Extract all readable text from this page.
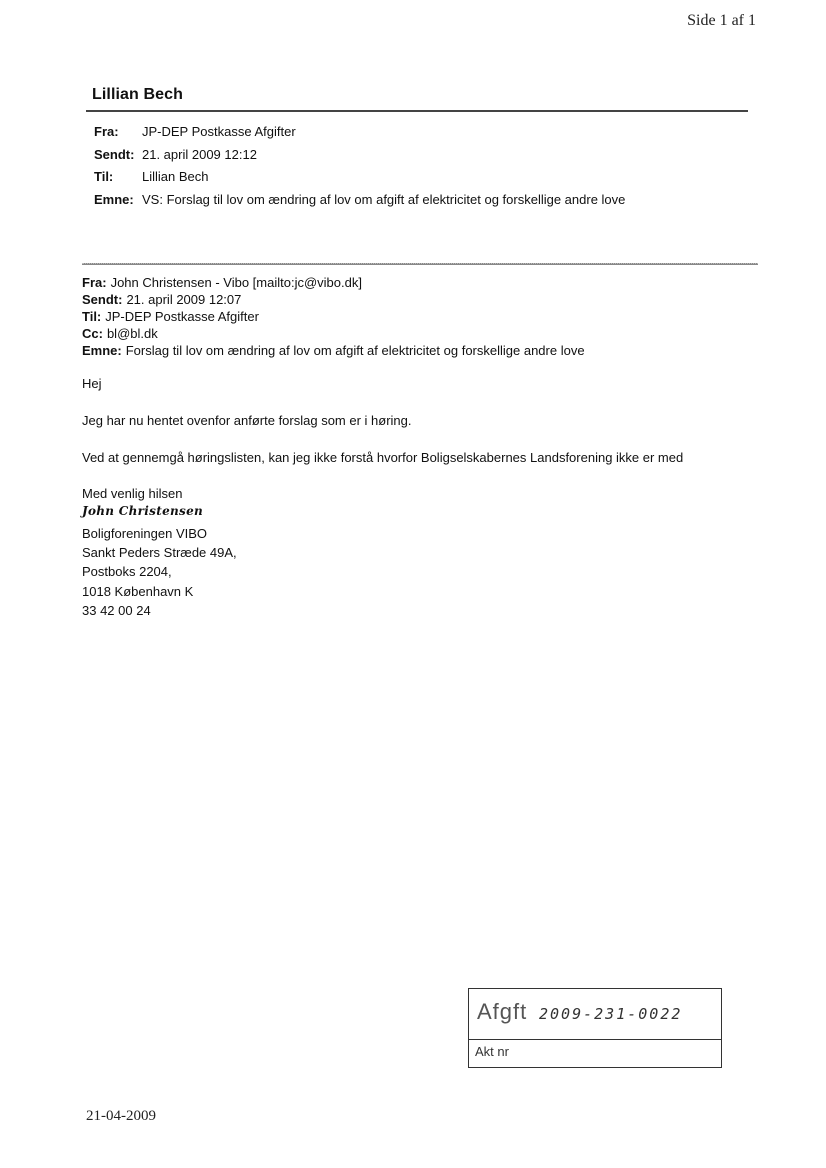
Side 1 af 1
Lillian Bech
Fra: JP-DEP Postkasse Afgifter
Sendt: 21. april 2009 12:12
Til: Lillian Bech
Emne: VS: Forslag til lov om ændring af lov om afgift af elektricitet og forskellige andre love
Fra: John Christensen - Vibo [mailto:jc@vibo.dk]
Sendt: 21. april 2009 12:07
Til: JP-DEP Postkasse Afgifter
Cc: bl@bl.dk
Emne: Forslag til lov om ændring af lov om afgift af elektricitet og forskellige andre love
Hej
Jeg har nu hentet ovenfor anførte forslag som er i høring.
Ved at gennemgå høringslisten, kan jeg ikke forstå hvorfor Boligselskabernes Landsforening ikke er med
Med venlig hilsen
John Christensen
Boligforeningen VIBO
Sankt Peders Stræde 49A,
Postboks 2204,
1018 København K
33 42 00 24
Afgft 2009-231-0022
Akt nr
21-04-2009
